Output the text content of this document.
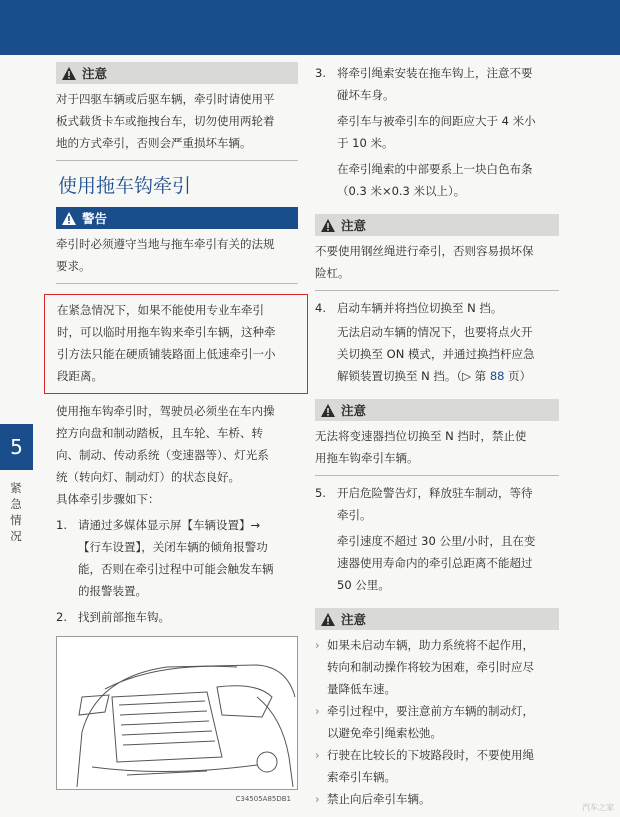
注意
对于四驱车辆或后驱车辆，牵引时请使用平
板式载货卡车或拖拽台车，切勿使用两轮着
地的方式牵引，否则会严重损坏车辆。
使用拖车钩牵引
警告
牵引时必须遵守当地与拖车牵引有关的法规
要求。
在紧急情况下，如果不能使用专业车牵引
时，可以临时用拖车钩来牵引车辆，这种牵
引方法只能在硬质铺装路面上低速牵引一小
段距离。
使用拖车钩牵引时，驾驶员必须坐在车内操
控方向盘和制动踏板，且车轮、车桥、转
向、制动、传动系统（变速器等）、灯光系
统（转向灯、制动灯）的状态良好。
具体牵引步骤如下：
1. 请通过多媒体显示屏【车辆设置】→
【行车设置】，关闭车辆的倾角报警功
能，否则在牵引过程中可能会触发车辆
的报警装置。
2. 找到前部拖车钩。
C34505A85DB1
3. 将牵引绳索安装在拖车钩上，注意不要
碰坏车身。
牵引车与被牵引车的间距应大于 4 米小
于 10 米。
在牵引绳索的中部要系上一块白色布条
（0.3 米×0.3 米以上）。
注意
不要使用钢丝绳进行牵引，否则容易损坏保
险杠。
4. 启动车辆并将挡位切换至 N 挡。
无法启动车辆的情况下，也要将点火开
关切换至 ON 模式，并通过换挡杆应急
解锁装置切换至 N 挡。（▷ 第 88 页）
注意
无法将变速器挡位切换至 N 挡时，禁止使
用拖车钩牵引车辆。
5. 开启危险警告灯，释放驻车制动，等待
牵引。
牵引速度不超过 30 公里/小时，且在变
速器使用寿命内的牵引总距离不能超过
50 公里。
注意
› 如果未启动车辆，助力系统将不起作用，
转向和制动操作将较为困难，牵引时应尽
量降低车速。
› 牵引过程中，要注意前方车辆的制动灯，
以避免牵引绳索松弛。
› 行驶在比较长的下坡路段时，不要使用绳
索牵引车辆。
› 禁止向后牵引车辆。
5
紧
急
情
况
汽车之家
